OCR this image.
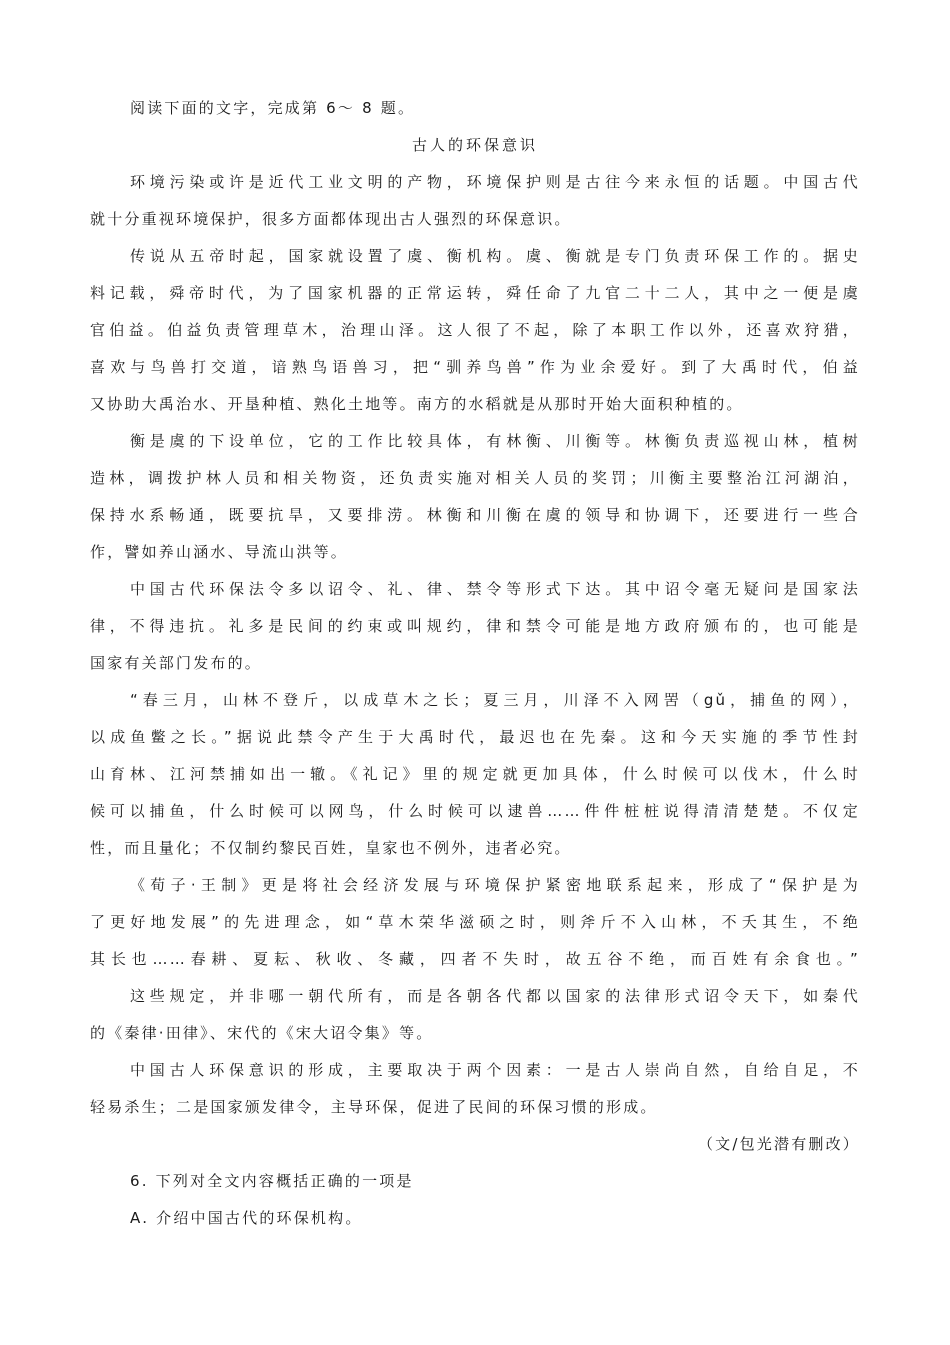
阅读下面的文字，完成第 6～ 8 题。

古人的环保意识

环境污染或许是近代工业文明的产物，环境保护则是古往今来永恒的话题。中国古代

就十分重视环境保护，很多方面都体现出古人强烈的环保意识。

传说从五帝时起，国家就设置了虞、衡机构。虞、衡就是专门负责环保工作的。据史

料记载，舜帝时代，为了国家机器的正常运转，舜任命了九官二十二人，其中之一便是虞

官伯益。伯益负责管理草木，治理山泽。这人很了不起，除了本职工作以外，还喜欢狩猎，

喜欢与鸟兽打交道，谙熟鸟语兽习，把“驯养鸟兽”作为业余爱好。到了大禹时代，伯益

又协助大禹治水、开垦种植、熟化土地等。南方的水稻就是从那时开始大面积种植的。

衡是虞的下设单位，它的工作比较具体，有林衡、川衡等。林衡负责巡视山林，植树

造林，调拨护林人员和相关物资，还负责实施对相关人员的奖罚；川衡主要整治江河湖泊，

保持水系畅通，既要抗旱，又要排涝。林衡和川衡在虞的领导和协调下，还要进行一些合

作，譬如养山涵水、导流山洪等。

中国古代环保法令多以诏令、礼、律、禁令等形式下达。其中诏令毫无疑问是国家法

律，不得违抗。礼多是民间的约束或叫规约，律和禁令可能是地方政府颁布的，也可能是

国家有关部门发布的。

“春三月，山林不登斤，以成草木之长；夏三月，川泽不入网罟（gǔ，捕鱼的网），

以成鱼鳖之长。”据说此禁令产生于大禹时代，最迟也在先秦。这和今天实施的季节性封

山育林、江河禁捕如出一辙。《礼记》里的规定就更加具体，什么时候可以伐木，什么时

候可以捕鱼，什么时候可以网鸟，什么时候可以逮兽……件件桩桩说得清清楚楚。不仅定

性，而且量化；不仅制约黎民百姓，皇家也不例外，违者必究。

《荀子·王制》更是将社会经济发展与环境保护紧密地联系起来，形成了“保护是为

了更好地发展”的先进理念，如“草木荣华滋硕之时，则斧斤不入山林，不夭其生，不绝

其长也……春耕、夏耘、秋收、冬藏，四者不失时，故五谷不绝，而百姓有余食也。”

这些规定，并非哪一朝代所有，而是各朝各代都以国家的法律形式诏令天下，如秦代

的《秦律·田律》、宋代的《宋大诏令集》等。

中国古人环保意识的形成，主要取决于两个因素：一是古人崇尚自然，自给自足，不

轻易杀生；二是国家颁发律令，主导环保，促进了民间的环保习惯的形成。

（文/包光潜有删改）

6. 下列对全文内容概括正确的一项是

A. 介绍中国古代的环保机构。
